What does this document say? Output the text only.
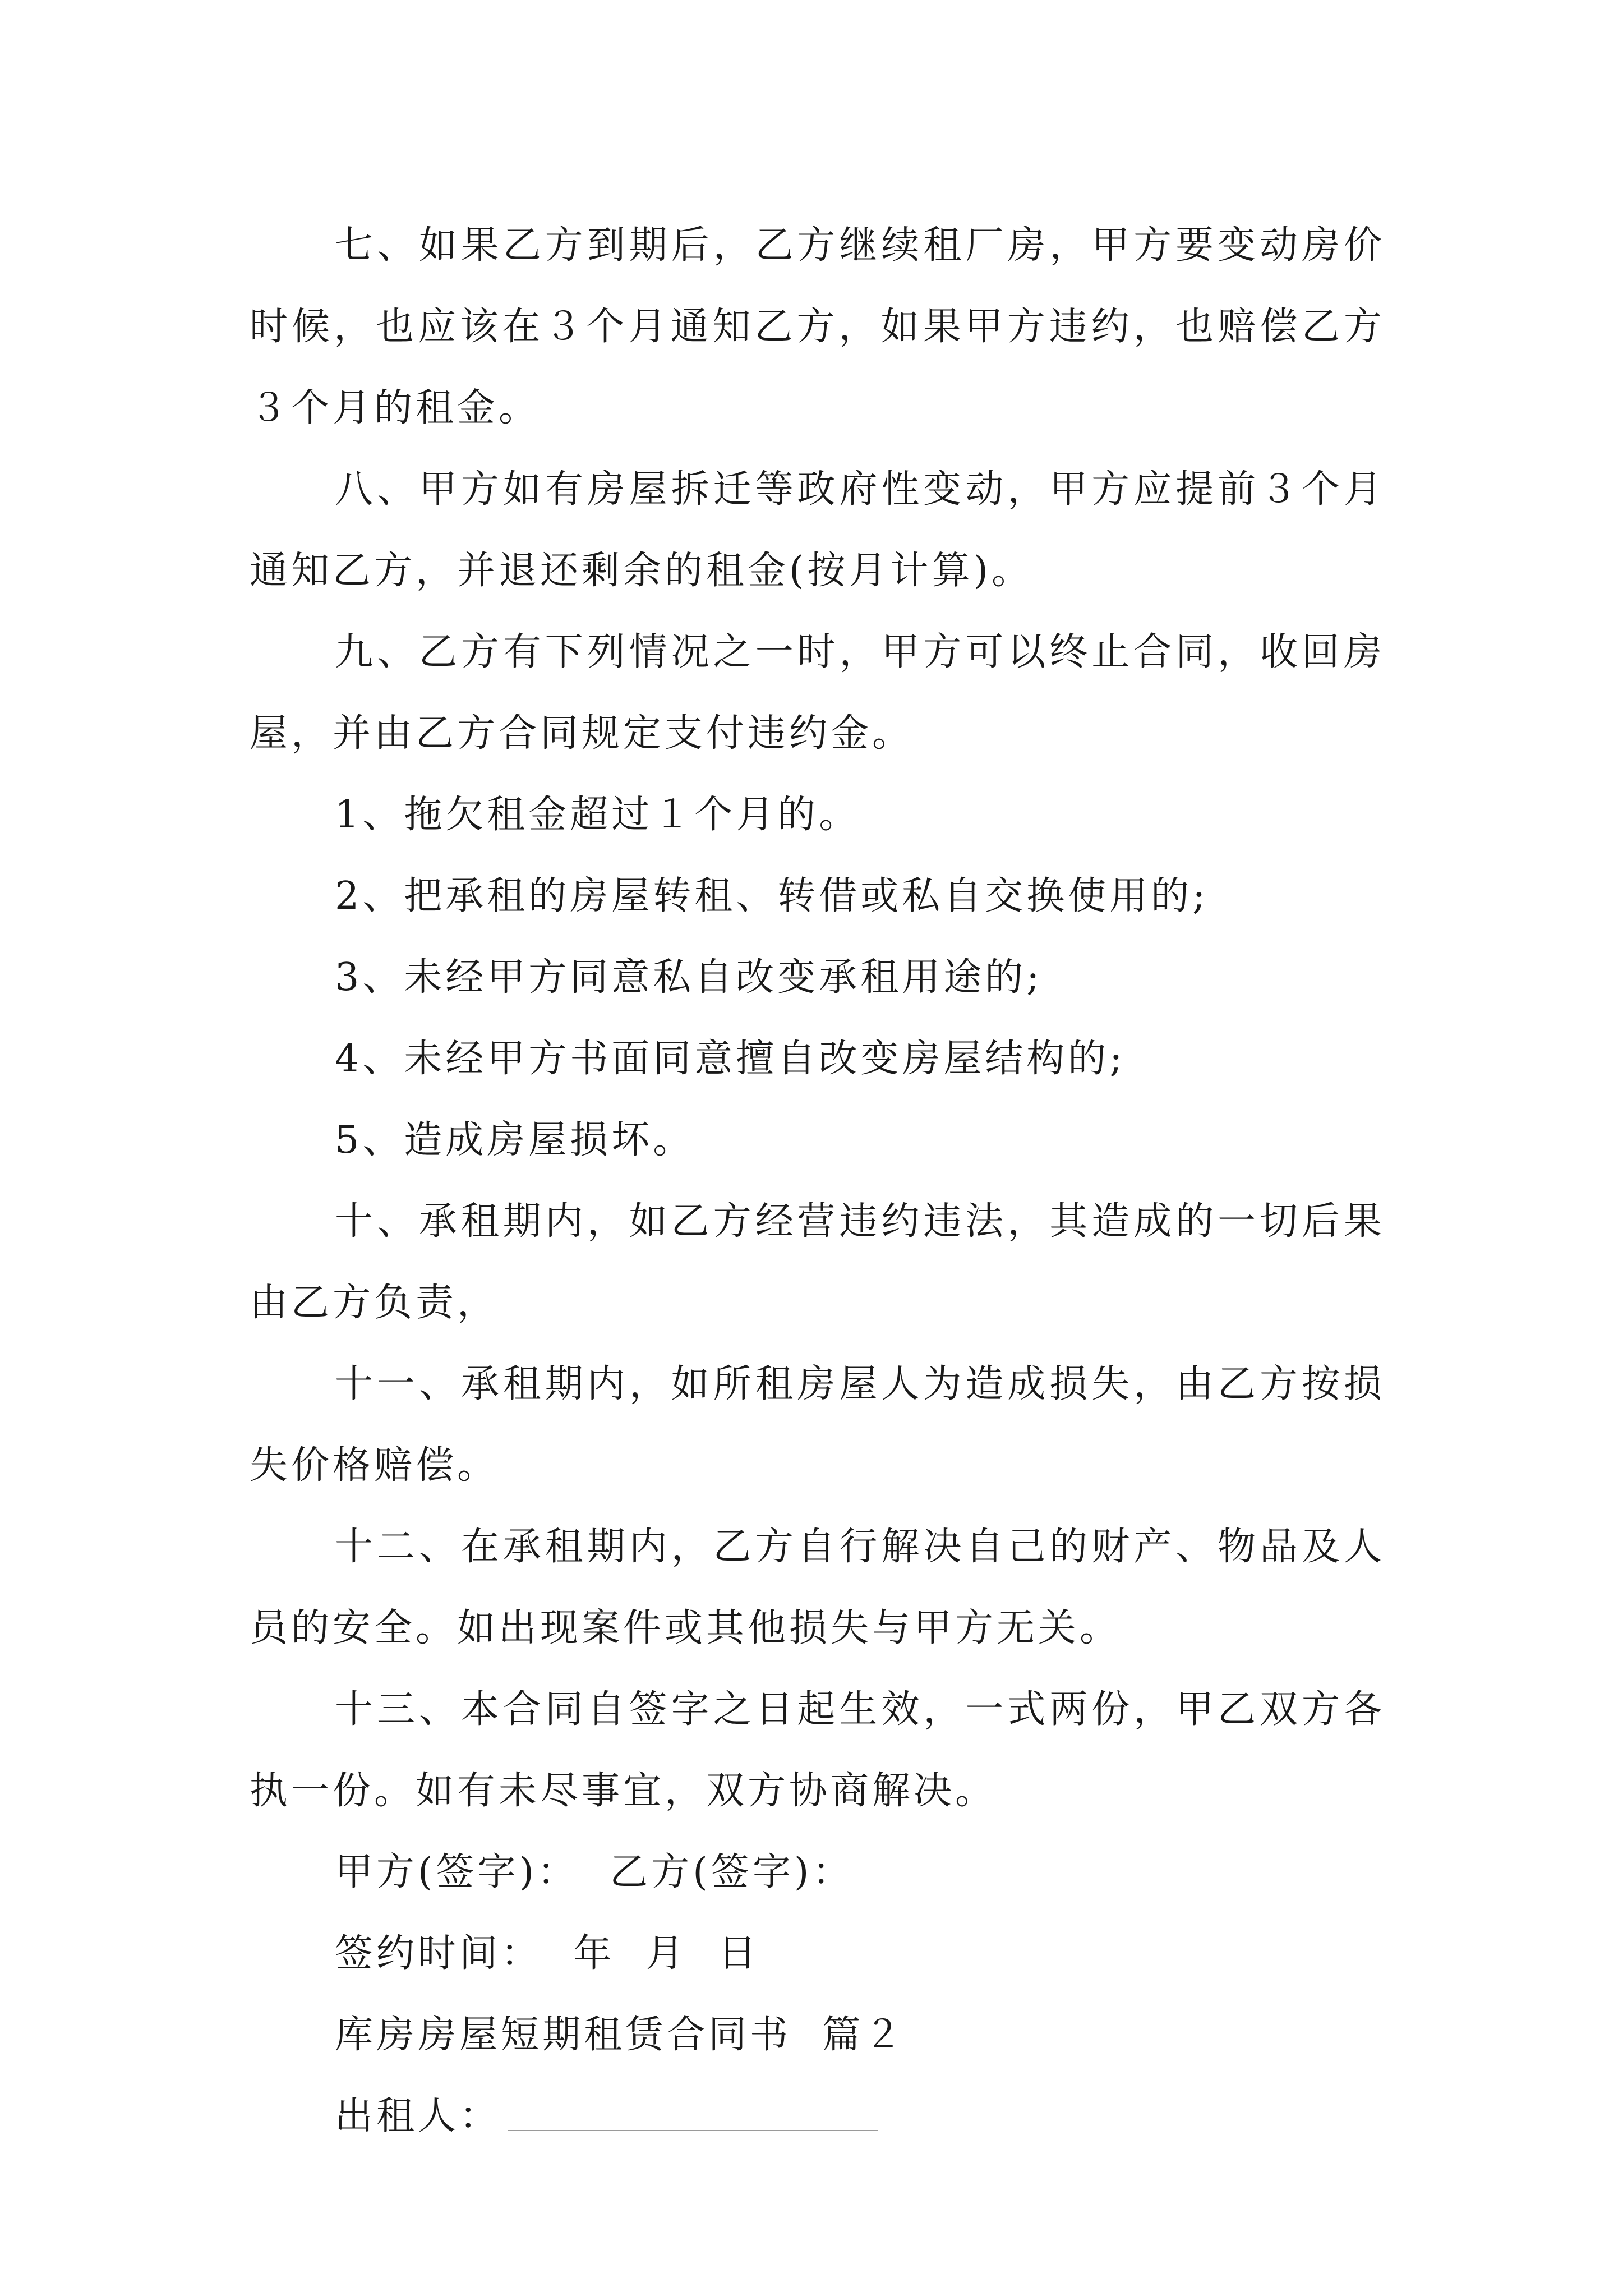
七、如果乙方到期后，乙方继续租厂房，甲方要变动房价时候，也应该在３个月通知乙方，如果甲方违约，也赔偿乙方３个月的租金。

八、甲方如有房屋拆迁等政府性变动，甲方应提前３个月通知乙方，并退还剩余的租金(按月计算)。

九、乙方有下列情况之一时，甲方可以终止合同，收回房屋，并由乙方合同规定支付违约金。

1、拖欠租金超过１个月的。

2、把承租的房屋转租、转借或私自交换使用的;

3、未经甲方同意私自改变承租用途的;

4、未经甲方书面同意擅自改变房屋结构的;

5、造成房屋损坏。

十、承租期内，如乙方经营违约违法，其造成的一切后果由乙方负责，

十一、承租期内，如所租房屋人为造成损失，由乙方按损失价格赔偿。

十二、在承租期内，乙方自行解决自己的财产、物品及人员的安全。如出现案件或其他损失与甲方无关。

十三、本合同自签字之日起生效，一式两份，甲乙双方各执一份。如有未尽事宜，双方协商解决。

甲方(签字)： 乙方(签字)：

签约时间： 年 月 日

库房房屋短期租赁合同书 篇２

出租人：
